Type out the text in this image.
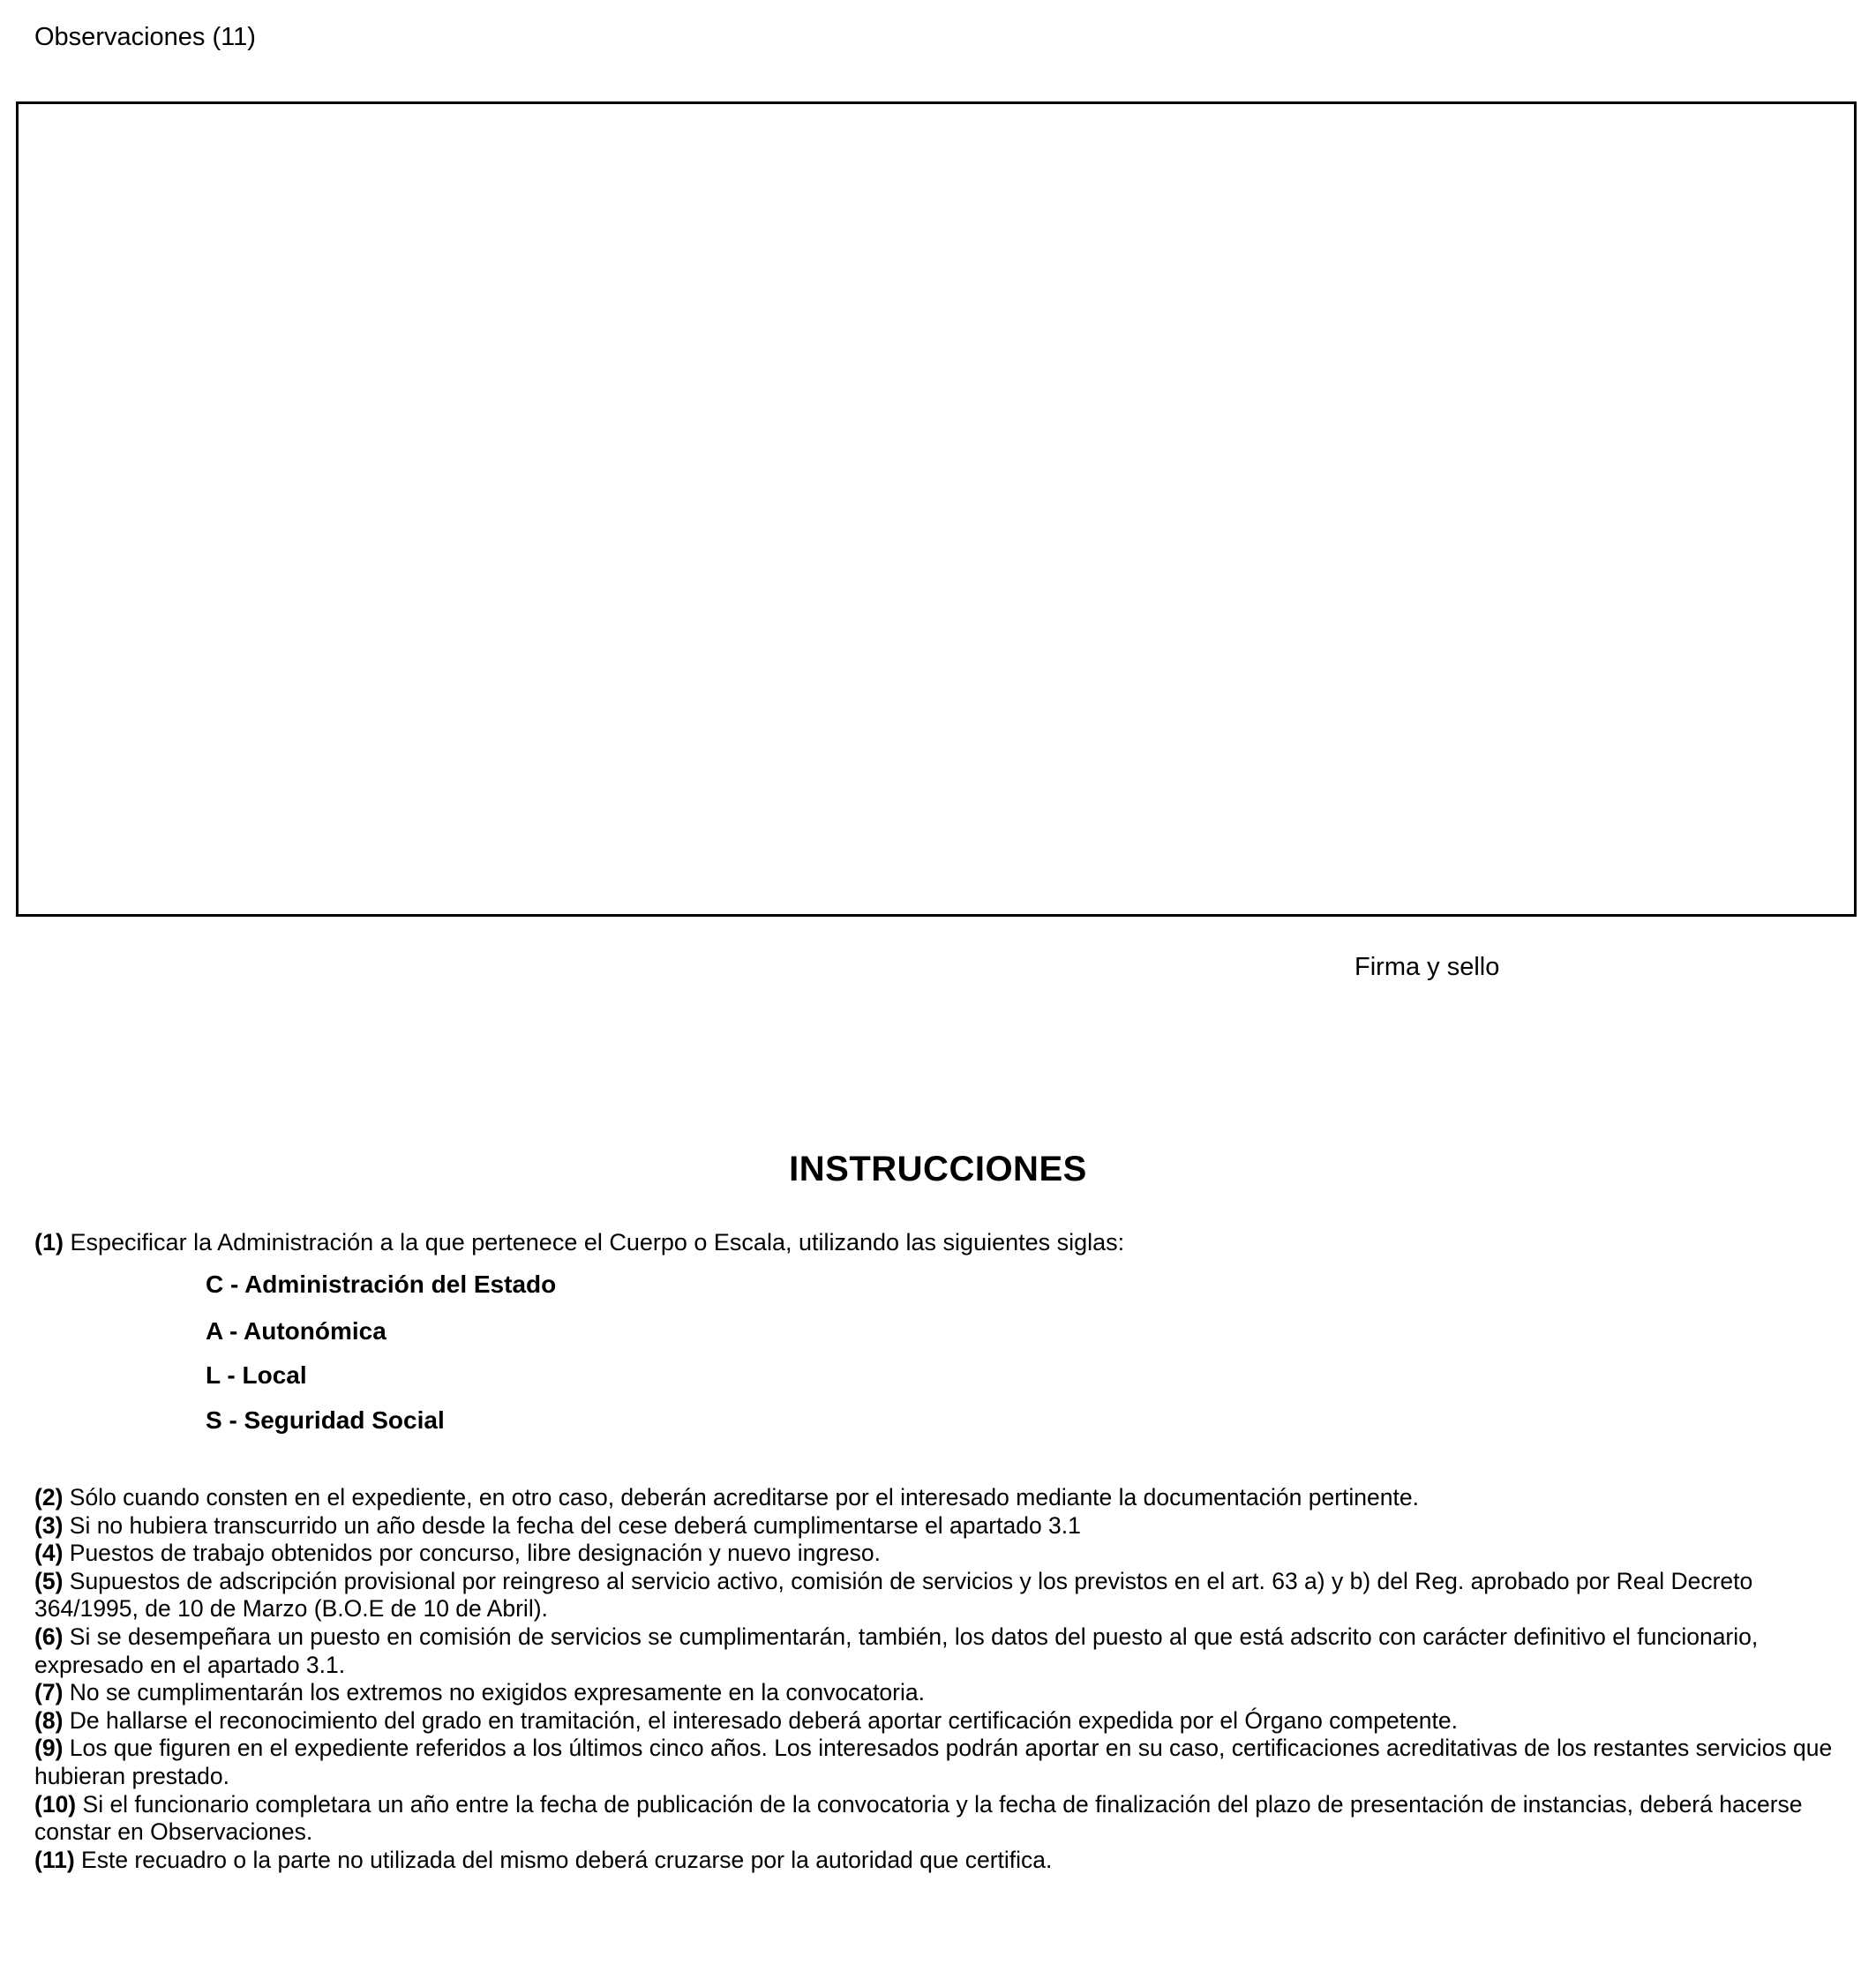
Observaciones (11)
Firma y sello
INSTRUCCIONES
(1) Especificar la Administración a la que pertenece el Cuerpo o Escala, utilizando las siguientes siglas:
C - Administración del Estado
A - Autonómica
L - Local
S - Seguridad Social

(2) Sólo cuando consten en el expediente, en otro caso, deberán acreditarse por el interesado mediante la documentación pertinente.

(3) Si no hubiera transcurrido un año desde la fecha del cese deberá cumplimentarse el apartado 3.1

(4) Puestos de trabajo obtenidos por concurso, libre designación y nuevo ingreso.

(5) Supuestos de adscripción provisional por reingreso al servicio activo, comisión de servicios y los previstos en el art. 63 a) y b) del Reg. aprobado por Real Decreto 364/1995, de 10 de Marzo (B.O.E de 10 de Abril).

(6) Si se desempeñara un puesto en comisión de servicios se cumplimentarán, también, los datos del puesto al que está adscrito con carácter definitivo el funcionario, expresado en el apartado 3.1.

(7) No se cumplimentarán los extremos no exigidos expresamente en la convocatoria.

(8) De hallarse el reconocimiento del grado en tramitación, el interesado deberá aportar certificación expedida por el Órgano competente.

(9) Los que figuren en el expediente referidos a los últimos cinco años. Los interesados podrán aportar en su caso, certificaciones acreditativas de los restantes servicios que hubieran prestado.

(10) Si el funcionario completara un año entre la fecha de publicación de la convocatoria y la fecha de finalización del plazo de presentación de instancias, deberá hacerse constar en Observaciones.

(11) Este recuadro o la parte no utilizada del mismo deberá cruzarse por la autoridad que certifica.
